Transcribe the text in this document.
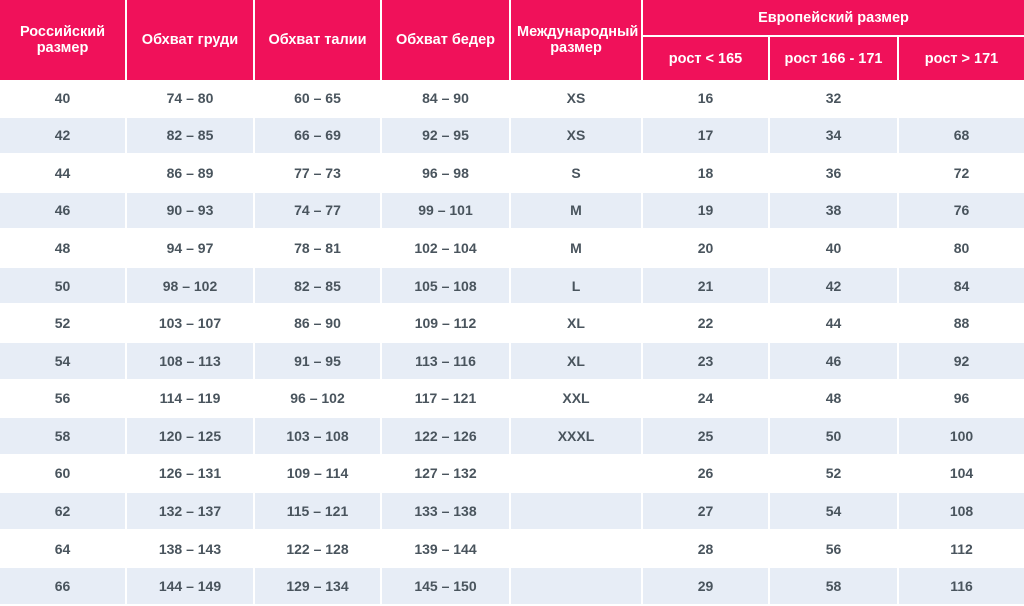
Российский размер	Обхват груди	Обхват талии	Обхват бедер	Международный размер	Европейский размер		
					рост < 165	рост 166 - 171	рост > 171
40	74 – 80	60 – 65	84 – 90	XS	16	32	
42	82 – 85	66 – 69	92 – 95	XS	17	34	68
44	86 – 89	77 – 73	96 – 98	S	18	36	72
46	90 – 93	74 – 77	99 – 101	M	19	38	76
48	94 – 97	78 – 81	102 – 104	M	20	40	80
50	98 – 102	82 – 85	105 – 108	L	21	42	84
52	103 – 107	86 – 90	109 – 112	XL	22	44	88
54	108 – 113	91 – 95	113 – 116	XL	23	46	92
56	114 – 119	96 – 102	117 – 121	XXL	24	48	96
58	120 – 125	103 – 108	122 – 126	XXXL	25	50	100
60	126 – 131	109 – 114	127 – 132		26	52	104
62	132 – 137	115 – 121	133 – 138		27	54	108
64	138 – 143	122 – 128	139 – 144		28	56	112
66	144 – 149	129 – 134	145 – 150		29	58	116
